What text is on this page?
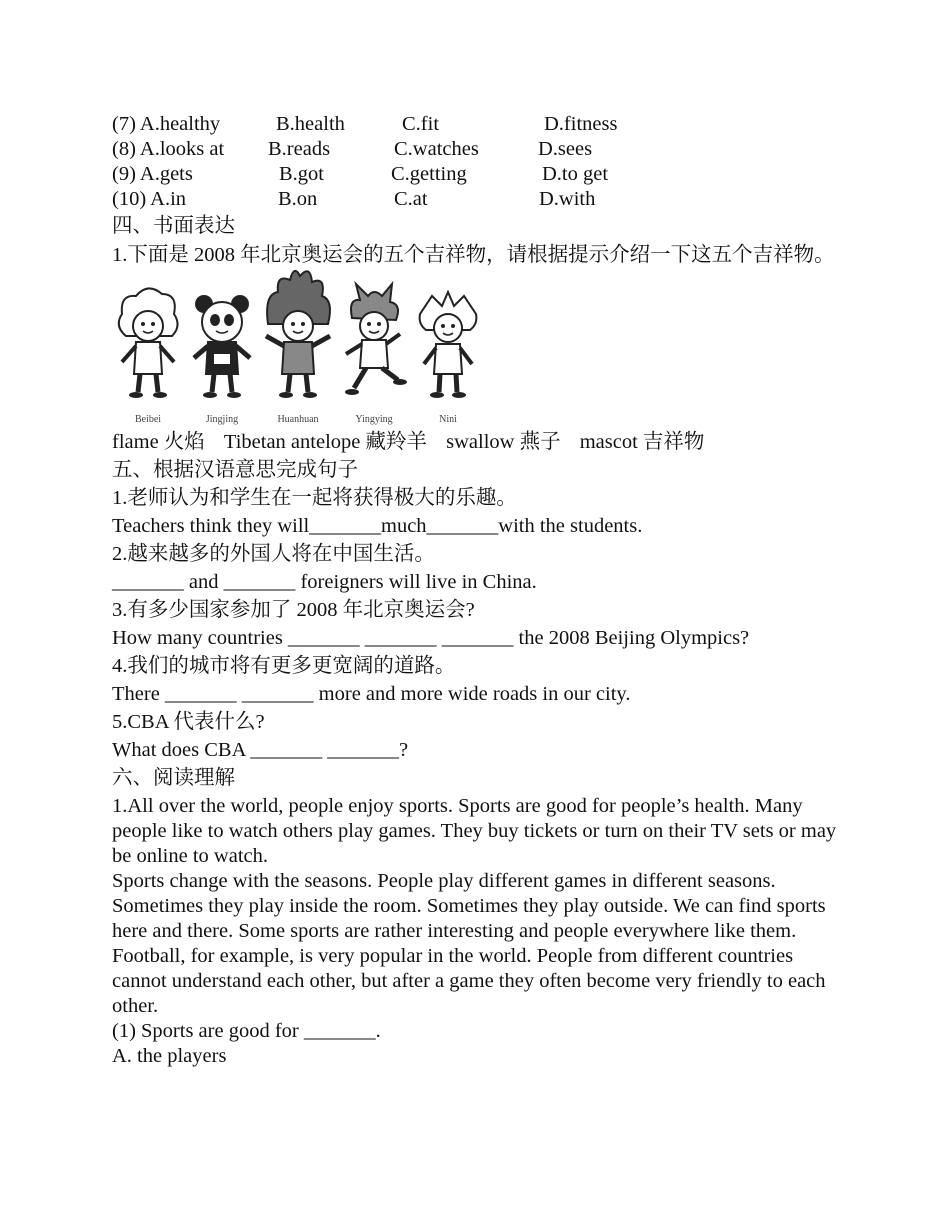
(7) A.healthy	B.health	C.fit	D.fitness
(8) A.looks at B.reads	C.watches	D.sees
(9) A.gets	B.got	C.getting	D.to get
(10) A.in	B.on	C.at	D.with
四、书面表达
1.下面是 2008 年北京奥运会的五个吉祥物，请根据提示介绍一下这五个吉祥物。
Beibei	Jingjing	Huanhuan	Yingying	Nini
flame 火焰 Tibetan antelope 藏羚羊 swallow 燕子 mascot 吉祥物
五、根据汉语意思完成句子
1.老师认为和学生在一起将获得极大的乐趣。
Teachers think they will_______much_______with the students.
2.越来越多的外国人将在中国生活。
_______ and _______ foreigners will live in China.
3.有多少国家参加了 2008 年北京奥运会?
How many countries _______ _______ _______ the 2008 Beijing Olympics?
4.我们的城市将有更多更宽阔的道路。
There _______ _______ more and more wide roads in our city.
5.CBA 代表什么?
What does CBA _______ _______?
六、阅读理解
1.All over the world, people enjoy sports. Sports are good for people’s health. Many people like to watch others play games. They buy tickets or turn on their TV sets or may be online to watch.
Sports change with the seasons. People play different games in different seasons. Sometimes they play inside the room. Sometimes they play outside. We can find sports here and there. Some sports are rather interesting and people everywhere like them. Football, for example, is very popular in the world. People from different countries cannot understand each other, but after a game they often become very friendly to each other.
(1) Sports are good for _______.
A. the players
